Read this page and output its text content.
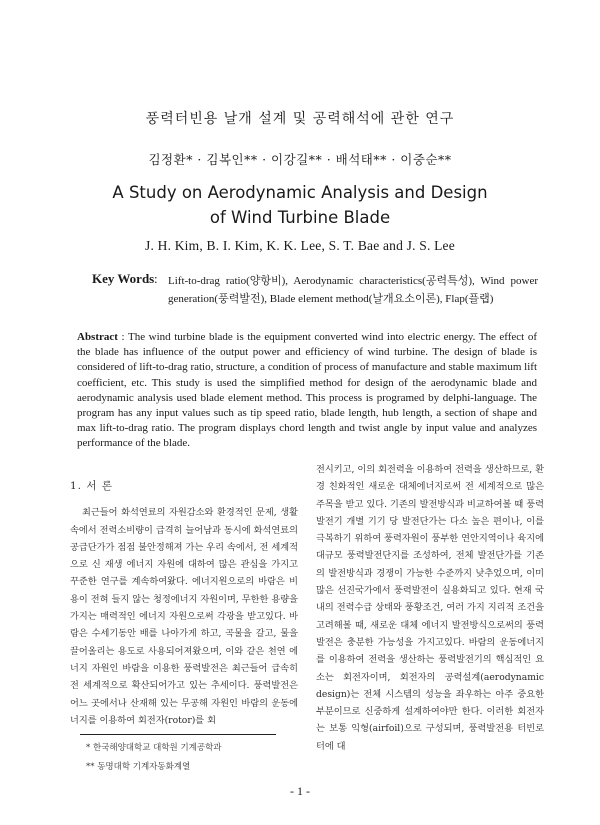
풍력터빈용 날개 설계 및 공력해석에 관한 연구
김정환* · 김복인** · 이강길** · 배석태** · 이중순**
A Study on Aerodynamic Analysis and Design
of Wind Turbine Blade
J. H. Kim, B. I. Kim, K. K. Lee, S. T. Bae and J. S. Lee
Key Words : Lift-to-drag ratio(양항비), Aerodynamic characteristics(공력특성), Wind power generation(풍력발전), Blade element method(날개요소이론), Flap(플랩)

Abstract : The wind turbine blade is the equipment converted wind into electric energy. The effect of the blade has influence of the output power and efficiency of wind turbine. The design of blade is considered of lift-to-drag ratio, structure, a condition of process of manufacture and stable maximum lift coefficient, etc. This study is used the simplified method for design of the aerodynamic blade and aerodynamic analysis used blade element method. This process is programed by delphi-language. The program has any input values such as tip speed ratio, blade length, hub length, a section of shape and max lift-to-drag ratio. The program displays chord length and twist angle by input value and analyzes performance of the blade.

1. 서 론

최근들어 화석연료의 자원감소와 환경적인 문제, 생활 속에서 전력소비량이 급격히 늘어남과 동시에 화석연료의 공급단가가 점점 불안정해져 가는 우리 속에서, 전 세계적으로 신 재생 에너지 자원에 대하여 많은 관심을 가지고 꾸준한 연구를 계속하여왔다. 에너지원으로의 바람은 비용이 전혀 들지 않는 청정에너지 자원이며, 무한한 용량을 가지는 매력적인 에너지 자원으로써 각광을 받고있다. 바람은 수세기동안 배를 나아가게 하고, 곡물을 갈고, 물을 끌어올리는 용도로 사용되어져왔으며, 이와 같은 천연 에너지 자원인 바람을 이용한 풍력발전은 최근들어 급속히 전 세계적으로 확산되어가고 있는 추세이다. 풍력발전은 어느 곳에서나 산재해 있는 무공해 자원인 바람의 운동에너지를 이용하여 회전자(rotor)를 회

전시키고, 이의 회전력을 이용하여 전력을 생산하므로, 환경 친화적인 새로운 대체에너지로써 전 세계적으로 많은 주목을 받고 있다. 기존의 발전방식과 비교하여볼 때 풍력발전기 개별 기기 당 발전단가는 다소 높은 편이나, 이를 극복하기 위하여 풍력자원이 풍부한 연안지역이나 육지에 대규모 풍력발전단지를 조성하여, 전체 발전단가를 기존의 발전방식과 경쟁이 가능한 수준까지 낮추었으며, 이미 많은 선진국가에서 풍력발전이 실용화되고 있다. 현재 국내의 전력수급 상태와 풍황조건, 여러 가지 지리적 조건을 고려해볼 때, 새로운 대체 에너지 발전방식으로써의 풍력발전은 충분한 가능성을 가지고있다. 바람의 운동에너지를 이용하여 전력을 생산하는 풍력발전기의 핵심적인 요소는 회전자이며, 회전자의 공력설계(aerodynamic design)는 전체 시스템의 성능을 좌우하는 아주 중요한 부분이므로 신중하게 설계하여야만 한다. 이러한 회전자는 보통 익형(airfoil)으로 구성되며, 풍력발전용 터빈로터에 대

* 한국해양대학교 대학원 기계공학과
** 동명대학 기계자동화계열
- 1 -
